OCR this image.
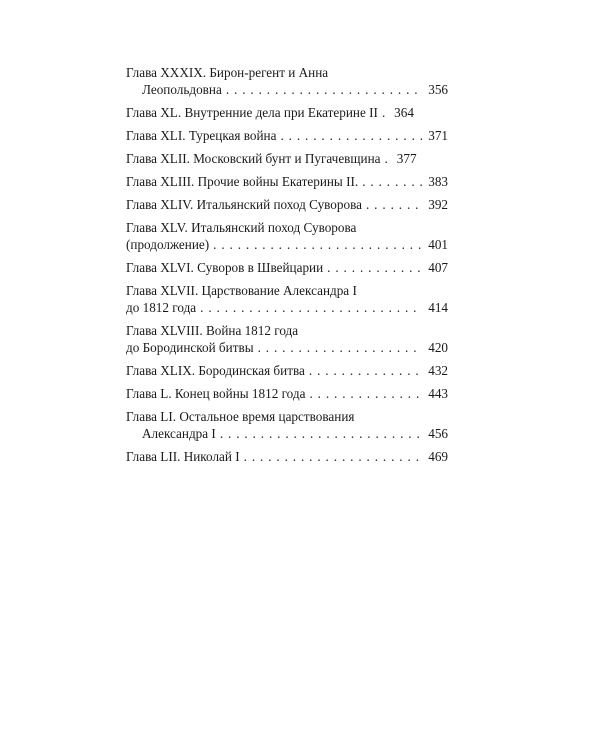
Глава XXXIX. Бирон-регент и Анна
Леопольдовна . . .	356
Глава XL. Внутренние дела при Екатерине II . . . 364
Глава XLI. Турецкая война . . .	371
Глава XLII. Московский бунт и Пугачевщина . . . 377
Глава XLIII. Прочие войны Екатерины II. . . .	383
Глава XLIV. Итальянский поход Суворова . . .	392
Глава XLV. Итальянский поход Суворова
(продолжение) . . .	401
Глава XLVI. Суворов в Швейцарии . . .	407
Глава XLVII. Царствование Александра I
до 1812 года . . .	414
Глава XLVIII. Война 1812 года
до Бородинской битвы . . .	420
Глава XLIX. Бородинская битва . . .	432
Глава L. Конец войны 1812 года . . .	443
Глава LI. Остальное время царствования
Александра I . . .	456
Глава LII. Николай I . . .	469
